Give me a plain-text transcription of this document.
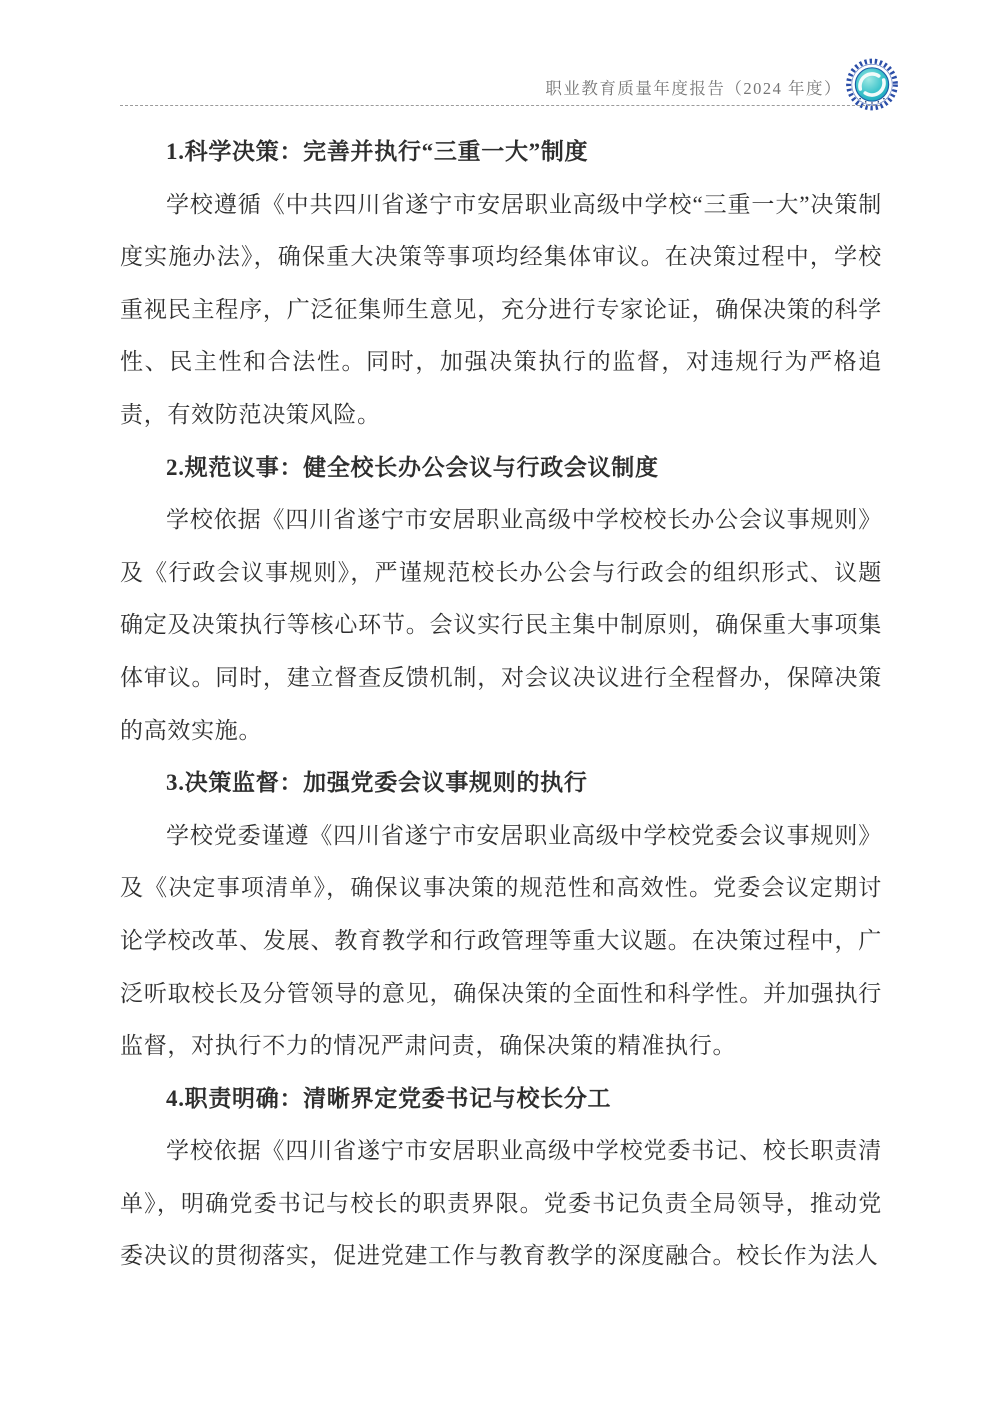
职业教育质量年度报告（2024 年度）
1.科学决策：完善并执行“三重一大”制度

学校遵循《中共四川省遂宁市安居职业高级中学校“三重一大”决策制度实施办法》，确保重大决策等事项均经集体审议。在决策过程中，学校重视民主程序，广泛征集师生意见，充分进行专家论证，确保决策的科学性、民主性和合法性。同时，加强决策执行的监督，对违规行为严格追责，有效防范决策风险。

2.规范议事：健全校长办公会议与行政会议制度

学校依据《四川省遂宁市安居职业高级中学校校长办公会议事规则》及《行政会议事规则》，严谨规范校长办公会与行政会的组织形式、议题确定及决策执行等核心环节。会议实行民主集中制原则，确保重大事项集体审议。同时，建立督查反馈机制，对会议决议进行全程督办，保障决策的高效实施。

3.决策监督：加强党委会议事规则的执行

学校党委谨遵《四川省遂宁市安居职业高级中学校党委会议事规则》及《决定事项清单》，确保议事决策的规范性和高效性。党委会议定期讨论学校改革、发展、教育教学和行政管理等重大议题。在决策过程中，广泛听取校长及分管领导的意见，确保决策的全面性和科学性。并加强执行监督，对执行不力的情况严肃问责，确保决策的精准执行。

4.职责明确：清晰界定党委书记与校长分工

学校依据《四川省遂宁市安居职业高级中学校党委书记、校长职责清单》，明确党委书记与校长的职责界限。党委书记负责全局领导，推动党委决议的贯彻落实，促进党建工作与教育教学的深度融合。校长作为法人
